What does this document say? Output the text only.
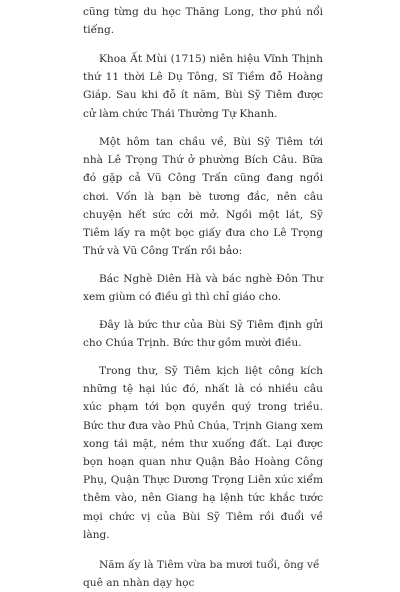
cũng từng du học Thăng Long, thơ phú nổi tiếng.

Khoa Ất Mùi (1715) niên hiệu Vĩnh Thịnh thứ 11 thời Lê Dụ Tông, Sĩ Tiềm đỗ Hoàng Giáp. Sau khi đỗ ít năm, Bùi Sỹ Tiêm được cử làm chức Thái Thường Tự Khanh.

Một hôm tan chầu về, Bùi Sỹ Tiêm tới nhà Lê Trọng Thứ ở phường Bích Câu. Bữa đó gặp cả Vũ Công Trấn cũng đang ngồi chơi. Vốn là bạn bè tương đắc, nên câu chuyện hết sức cởi mở. Ngồi một lát, Sỹ Tiêm lấy ra một bọc giấy đưa cho Lê Trọng Thứ và Vũ Công Trấn rồi bảo:

Bác Nghè Diên Hà và bác nghè Đôn Thư xem giùm có điều gì thì chỉ giáo cho.

Đây là bức thư của Bùi Sỹ Tiêm định gửi cho Chúa Trịnh. Bức thư gồm mười điều.

Trong thư, Sỹ Tiêm kịch liệt công kích những tệ hại lúc đó, nhất là có nhiều câu xúc phạm tới bọn quyền quý trong triều. Bức thư đưa vào Phủ Chúa, Trịnh Giang xem xong tái mặt, ném thư xuống đất. Lại được bọn hoạn quan như Quận Bảo Hoàng Công Phụ, Quận Thực Dương Trọng Liên xúc xiểm thêm vào, nên Giang hạ lệnh tức khắc tước mọi chức vị của Bùi Sỹ Tiêm rồi đuổi về làng.

Năm ấy là Tiêm vừa ba mươi tuổi, ông về quê an nhàn dạy học
